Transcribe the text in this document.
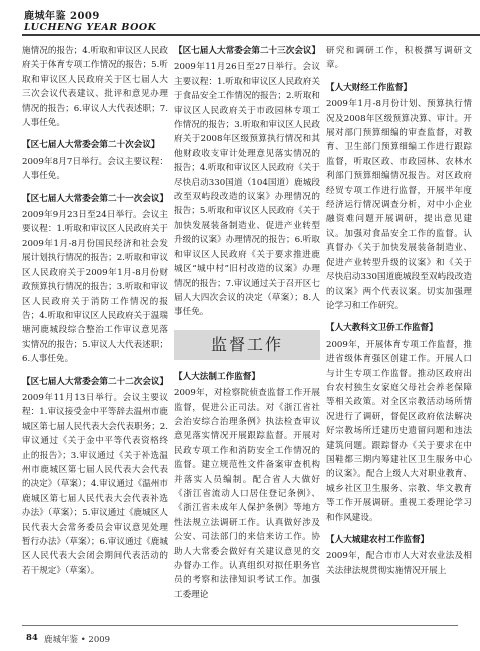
鹿城年鉴 2009
LUCHENG YEAR BOOK

施情况的报告；4.听取和审议区人民政府关于体育专项工作情况的报告；5.听取和审议区人民政府关于区七届人大三次会议代表建议、批评和意见办理情况的报告；6.审议人大代表述职；7.人事任免。

【区七届人大常委会第二十次会议】

2009年8月7日举行。会议主要议程：人事任免。

【区七届人大常委会第二十一次会议】

2009年9月23日至24日举行。会议主要议程：1.听取和审议区人民政府关于2009年1月-8月份国民经济和社会发展计划执行情况的报告；2.听取和审议区人民政府关于2009年1月-8月份财政预算执行情况的报告；3.听取和审议区人民政府关于消防工作情况的报告；4.听取和审议区人民政府关于温瑞塘河鹿城段综合整治工作审议意见落实情况的报告；5.审议人大代表述职；6.人事任免。

【区七届人大常委会第二十二次会议】

2009年11月13日举行。会议主要议程：1.审议接受金中平等辞去温州市鹿城区第七届人民代表大会代表职务；2.审议通过《关于金中平等代表资格终止的报告》；3.审议通过《关于补选温州市鹿城区第七届人民代表大会代表的决定》（草案）；4.审议通过《温州市鹿城区第七届人民代表大会代表补选办法》（草案）；5.审议通过《鹿城区人民代表大会常务委员会审议意见处理暂行办法》（草案）；6.审议通过《鹿城区人民代表大会闭会期间代表活动的若干规定》（草案）。

【区七届人大常委会第二十三次会议】

2009年11月26日至27日举行。会议主要议程：1.听取和审议区人民政府关于食品安全工作情况的报告；2.听取和审议区人民政府关于市政园林专项工作情况的报告；3.听取和审议区人民政府关于2008年区级预算执行情况和其他财政收支审计处理意见落实情况的报告；4.听取和审议区人民政府《关于尽快启动330国道（104国道）鹿城段改至双屿段改造的议案》办理情况的报告；5.听取和审议区人民政府《关于加快发展装备制造业、促进产业转型升级的议案》办理情况的报告；6.听取和审议区人民政府《关于要求推进鹿城区“城中村”旧村改造的议案》办理情况的报告；7.审议通过关于召开区七届人大四次会议的决定（草案）；8.人事任免。

监督工作

【人大法制工作监督】

2009年，对检察院侦查监督工作开展监督，促进公正司法。对《浙江省社会治安综合治理条例》执法检查审议意见落实情况开展跟踪监督。开展对民政专项工作和消防安全工作情况的监督。建立规范性文件备案审查机构并落实人员编制。配合省人大做好《浙江省流动人口居住登记条例》、《浙江省未成年人保护条例》等地方性法规立法调研工作。认真做好涉及公安、司法部门的来信来访工作。协助人大常委会做好有关建议意见的交办督办工作。认真组织对拟任职务官员的考察和法律知识考试工作。加强工委理论

研究和调研工作，积极撰写调研文章。

【人大财经工作监督】

2009年1月-8月份计划、预算执行情况及2008年区级预算决算、审计。开展对部门预算细编的审查监督，对教育、卫生部门预算细编工作进行跟踪监督，听取区政、市政园林、农林水利部门预算细编情况报告。对区政府经贸专项工作进行监督，开展半年度经济运行情况调查分析，对中小企业融资难问题开展调研，提出意见建议。加强对食品安全工作的监督。认真督办《关于加快发展装备制造业、促进产业转型升级的议案》和《关于尽快启动330国道鹿城段至双屿段改造的议案》两个代表议案。切实加强理论学习和工作研究。

【人大教科文卫侨工作监督】

2009年，开展体育专项工作监督，推进省级体育强区创建工作。开展人口与计生专项工作监督。推动区政府出台农村独生女家庭父母社会养老保障等相关政策。对全区宗教活动场所情况进行了调研，督促区政府依法解决好宗教场所迁建历史遗留问题和违法建筑问题。跟踪督办《关于要求在中国鞋都三期内筹建社区卫生服务中心的议案》。配合上级人大对职业教育、城乡社区卫生服务、宗教、华文教育等工作开展调研。重视工委理论学习和作风建设。

【人大城建农村工作监督】

2009年，配合市市人大对农业法及相关法律法规贯彻实施情况开展上

84 鹿城年鉴 • 2009
